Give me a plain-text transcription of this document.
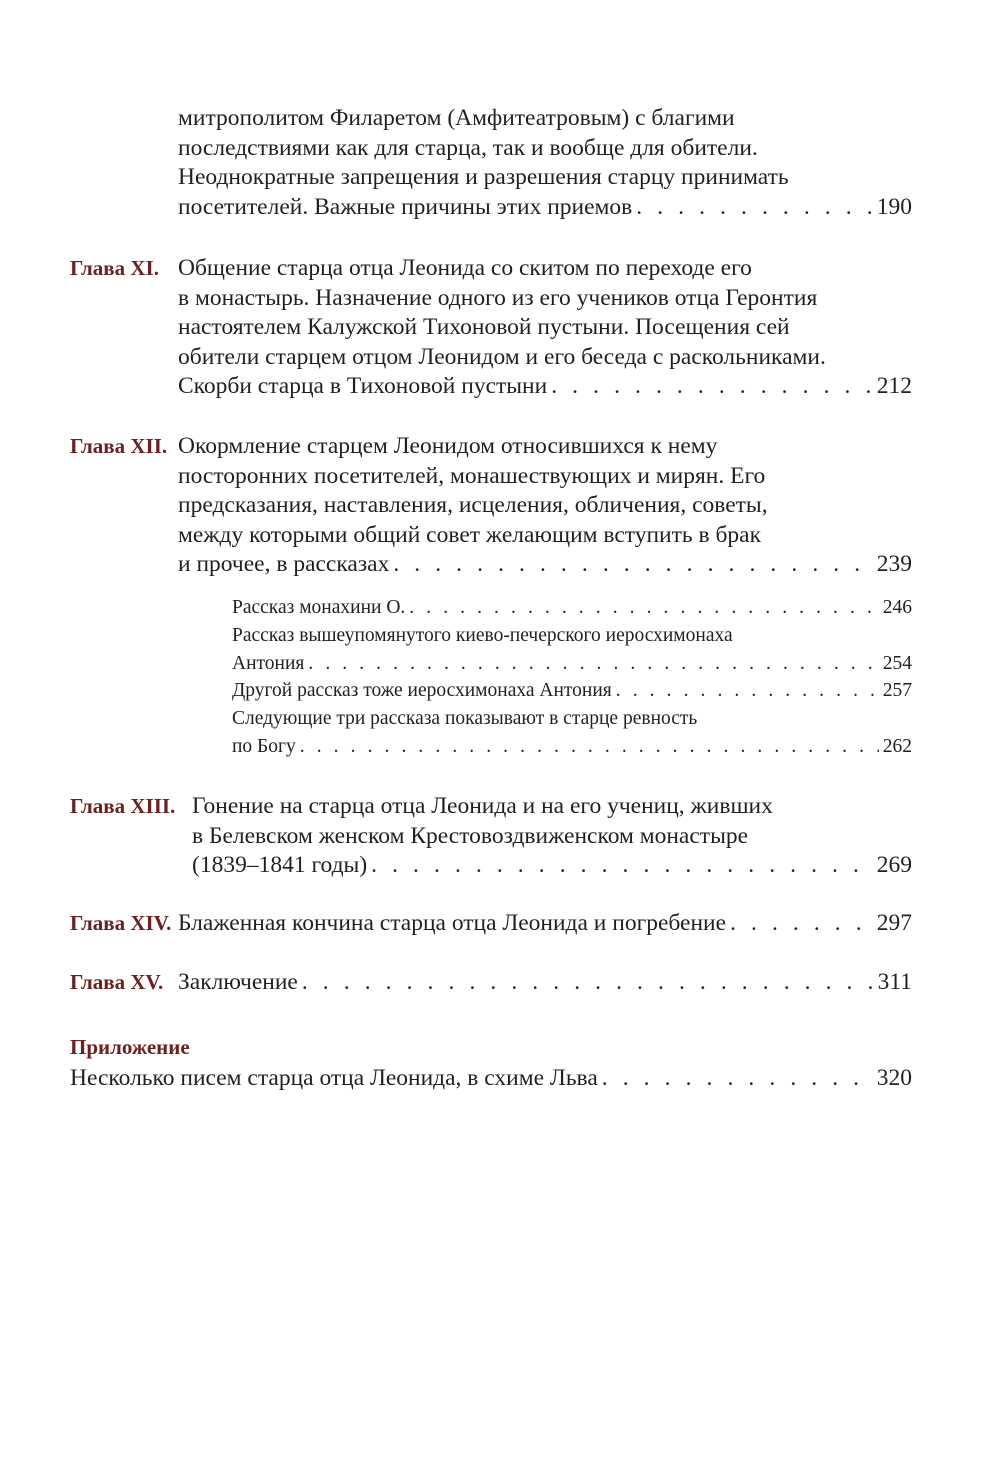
митрополитом Филаретом (Амфитеатровым) с благими
последствиями как для старца, так и вообще для обители.
Неоднократные запрещения и разрешения старцу принимать
посетителей. Важные причины этих приемов . . .	190
Глава XI. Общение старца отца Леонида со скитом по переходе его
в монастырь. Назначение одного из его учеников отца Геронтия
настоятелем Калужской Тихоновой пустыни. Посещения сей
обители старцем отцом Леонидом и его беседа с раскольниками.
Скорби старца в Тихоновой пустыни . . .	212
Глава XII. Окормление старцем Леонидом относившихся к нему
посторонних посетителей, монашествующих и мирян. Его
предсказания, наставления, исцеления, обличения, советы,
между которыми общий совет желающим вступить в брак
и прочее, в рассказах . . .	239
Рассказ монахини О. . . .	246
Рассказ вышеупомянутого киево-печерского иеросхимонаха
Антония . . .	254
Другой рассказ тоже иеросхимонаха Антония . . .	257
Следующие три рассказа показывают в старце ревность
по Богу . . .	262
Глава XIII. Гонение на старца отца Леонида и на его учениц, живших
в Белевском женском Крестовоздвиженском монастыре
(1839–1841 годы) . . .	269
Глава XIV. Блаженная кончина старца отца Леонида и погребение . . .	297
Глава XV. Заключение . . .	311
Приложение
Несколько писем старца отца Леонида, в схиме Льва . . .	320
